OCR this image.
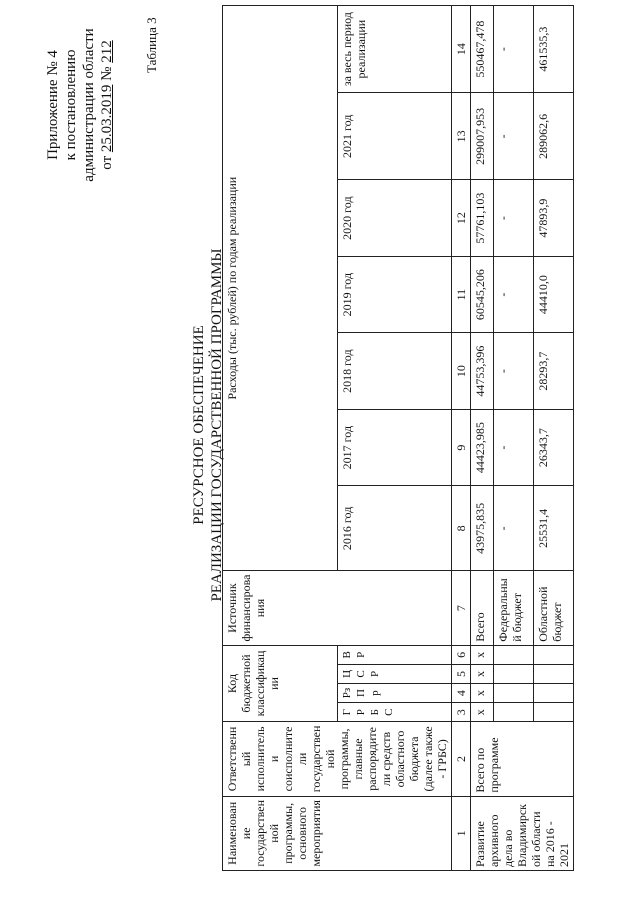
Приложение № 4 к постановлению администрации области от 25.03.2019 № 212 Таблица 3
РЕСУРСНОЕ ОБЕСПЕЧЕНИЕ РЕАЛИЗАЦИИ ГОСУДАРСТВЕННОЙ ПРОГРАММЫ
Наименование государственной программы, основного мероприятия	Ответственный исполнитель и соисполнители государственной программы, главные распорядители средств областного бюджета (далее также - ГРБС)	Код бюджетной классификации				Источник финансирования	Расходы (тыс. рублей) по годам реализации						
		ГРБС	Рз Пр	ЦСР	ВР		2016 год	2017 год	2018 год	2019 год	2020 год	2021 год	за весь период реализации
1	2	3	4	5	6	7	8	9	10	11	12	13	14
Развитие архивного дела во Владимирской области на 2016 - 2021	Всего по программе	х	х	х	х	Всего	43975,835	44423,985	44753,396	60545,206	57761,103	299007,953	550467,478
						Федеральный бюджет	-	-	-	-	-	-	-
						Областной бюджет	25531,4	26343,7	28293,7	44410,0	47893,9	289062,6	461535,3
